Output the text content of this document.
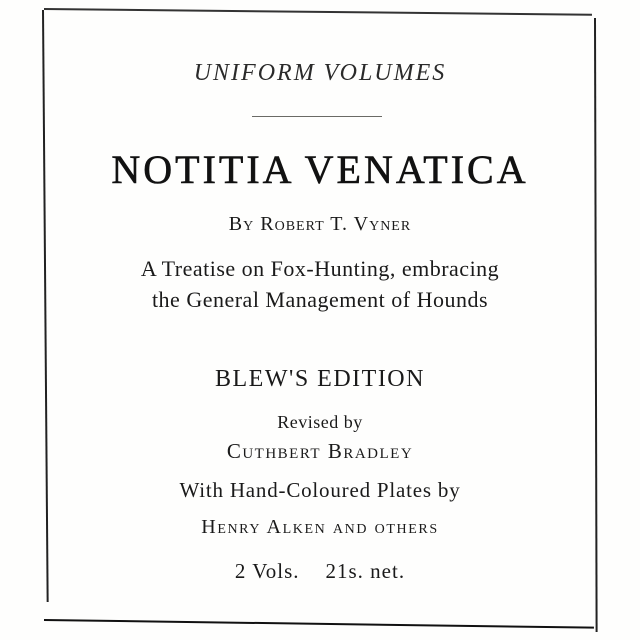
UNIFORM VOLUMES
NOTITIA VENATICA
By Robert T. Vyner
A Treatise on Fox-Hunting, embracing
the General Management of Hounds
BLEW'S EDITION
Revised by
Cuthbert Bradley
With Hand-Coloured Plates by
Henry Alken and others
2 Vols. 21s. net.
